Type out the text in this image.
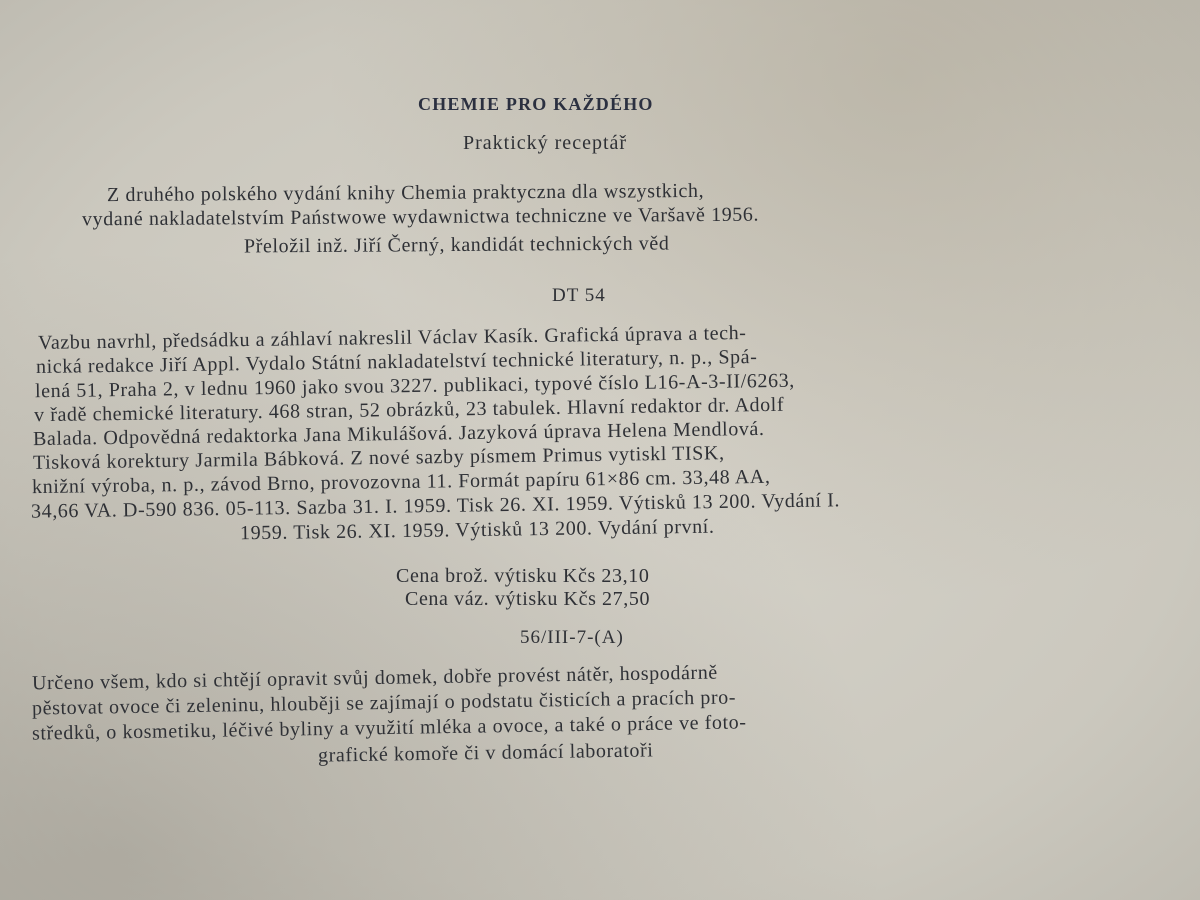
CHEMIE PRO KAŽDÉHO
Praktický receptář
Z druhého polského vydání knihy Chemia praktyczna dla wszystkich,
vydané nakladatelstvím Państwowe wydawnictwa techniczne ve Varšavě 1956.
Přeložil inž. Jiří Černý, kandidát technických věd
DT 54
Vazbu navrhl, předsádku a záhlaví nakreslil Václav Kasík. Grafická úprava a tech-
nická redakce Jiří Appl. Vydalo Státní nakladatelství technické literatury, n. p., Spá-
lená 51, Praha 2, v lednu 1960 jako svou 3227. publikaci, typové číslo L16-A-3-II/6263,
v řadě chemické literatury. 468 stran, 52 obrázků, 23 tabulek. Hlavní redaktor dr. Adolf
Balada. Odpovědná redaktorka Jana Mikulášová. Jazyková úprava Helena Mendlová.
Tisková korektury Jarmila Bábková. Z nové sazby písmem Primus vytiskl TISK,
knižní výroba, n. p., závod Brno, provozovna 11. Formát papíru 61×86 cm. 33,48 AA,
34,66 VA. D-590 836. 05-113. Sazba 31. I. 1959. Tisk 26. XI. 1959. Výtisků 13 200. Vydání I.
1959. Tisk 26. XI. 1959. Výtisků 13 200. Vydání první.
Cena brož. výtisku Kčs 23,10
Cena váz. výtisku Kčs 27,50
56/III-7-(A)
Určeno všem, kdo si chtějí opravit svůj domek, dobře provést nátěr, hospodárně
pěstovat ovoce či zeleninu, hlouběji se zajímají o podstatu čisticích a pracích pro-
středků, o kosmetiku, léčivé byliny a využití mléka a ovoce, a také o práce ve foto-
grafické komoře či v domácí laboratoři
